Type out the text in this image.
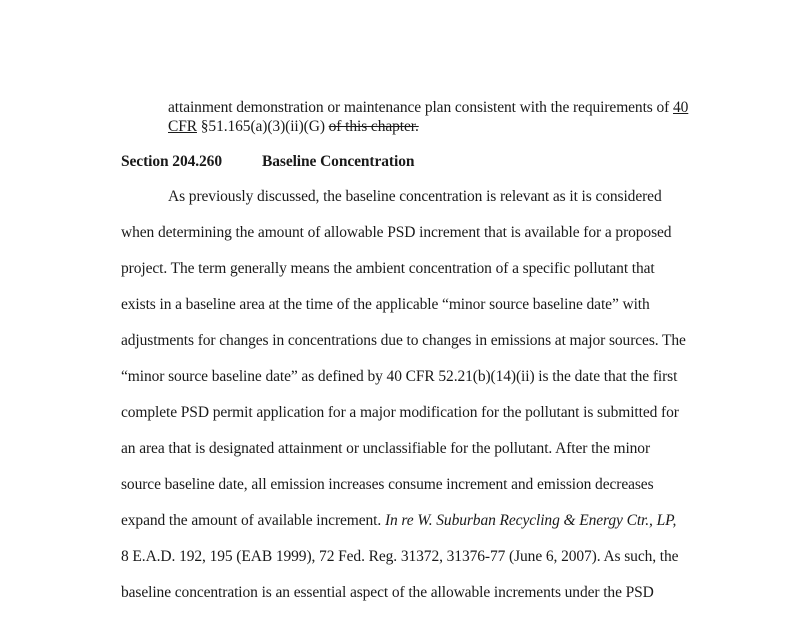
attainment demonstration or maintenance plan consistent with the requirements of 40
CFR §51.165(a)(3)(ii)(G) of this chapter.
Section 204.260	Baseline Concentration
As previously discussed, the baseline concentration is relevant as it is considered
when determining the amount of allowable PSD increment that is available for a proposed
project. The term generally means the ambient concentration of a specific pollutant that
exists in a baseline area at the time of the applicable “minor source baseline date” with
adjustments for changes in concentrations due to changes in emissions at major sources. The
“minor source baseline date” as defined by 40 CFR 52.21(b)(14)(ii) is the date that the first
complete PSD permit application for a major modification for the pollutant is submitted for
an area that is designated attainment or unclassifiable for the pollutant. After the minor
source baseline date, all emission increases consume increment and emission decreases
expand the amount of available increment. In re W. Suburban Recycling & Energy Ctr., LP,
8 E.A.D. 192, 195 (EAB 1999), 72 Fed. Reg. 31372, 31376-77 (June 6, 2007). As such, the
baseline concentration is an essential aspect of the allowable increments under the PSD
